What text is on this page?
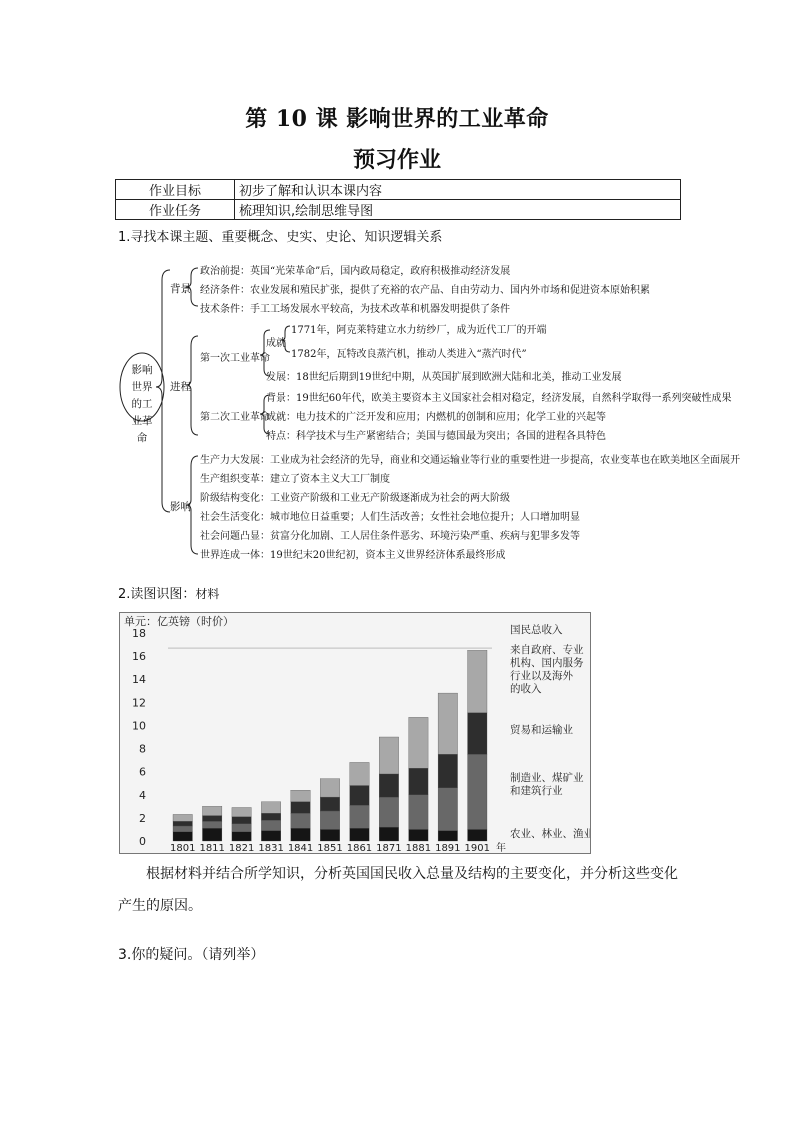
第 10 课 影响世界的工业革命
预习作业
作业目标	初步了解和认识本课内容
作业任务	梳理知识,绘制思维导图
1.寻找本课主题、重要概念、史实、史论、知识逻辑关系
影响世界的工业革命
背景
进程
影响
政治前提：英国“光荣革命”后，国内政局稳定，政府积极推动经济发展
经济条件：农业发展和殖民扩张，提供了充裕的农产品、自由劳动力、国内外市场和促进资本原始积累
技术条件：手工工场发展水平较高，为技术改革和机器发明提供了条件
第一次工业革命
成就
1771年，阿克莱特建立水力纺纱厂，成为近代工厂的开端
1782年，瓦特改良蒸汽机，推动人类进入“蒸汽时代”
发展：18世纪后期到19世纪中期，从英国扩展到欧洲大陆和北美，推动工业发展
第二次工业革命
背景：19世纪60年代，欧美主要资本主义国家社会相对稳定，经济发展，自然科学取得一系列突破性成果
成就：电力技术的广泛开发和应用；内燃机的创制和应用；化学工业的兴起等
特点：科学技术与生产紧密结合；美国与德国最为突出；各国的进程各具特色
生产力大发展：工业成为社会经济的先导，商业和交通运输业等行业的重要性进一步提高，农业变革也在欧美地区全面展开
生产组织变革：建立了资本主义大工厂制度
阶级结构变化：工业资产阶级和工业无产阶级逐渐成为社会的两大阶级
社会生活变化：城市地位日益重要；人们生活改善；女性社会地位提升；人口增加明显
社会问题凸显：贫富分化加剧、工人居住条件恶劣、环境污染严重、疾病与犯罪多发等
世界连成一体：19世纪末20世纪初，资本主义世界经济体系最终形成
2.读图识图：材料
单元：亿英镑（时价）
0
2
4
6
8
10
12
14
16
18
1801 1811 1821 1831 1841 1851 1861 1871 1881 1891 1901 年
国民总收入
来自政府、专业机构、国内服务行业以及海外的收入
贸易和运输业
制造业、煤矿业和建筑行业
农业、林业、渔业
根据材料并结合所学知识，分析英国国民收入总量及结构的主要变化，并分析这些变化产生的原因。
3.你的疑问。（请列举）
